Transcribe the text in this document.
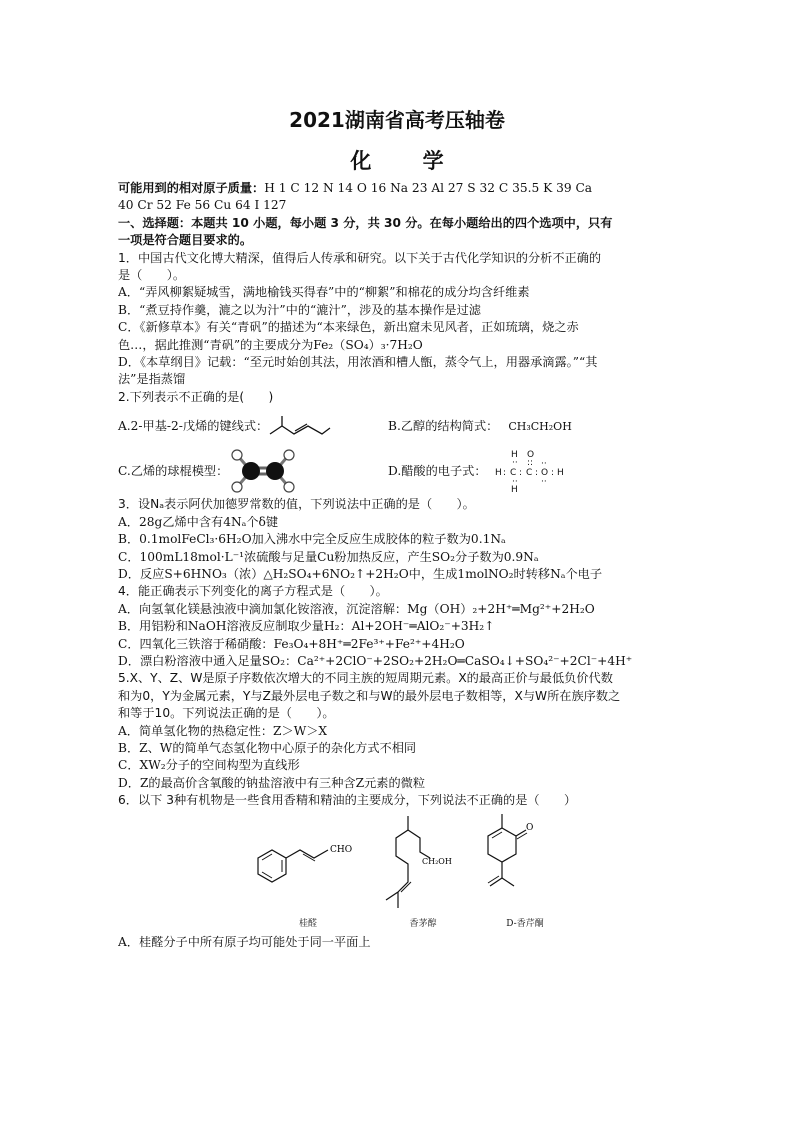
2021湖南省高考压轴卷
化 学
可能用到的相对原子质量：H 1 C 12 N 14 O 16 Na 23 Al 27 S 32 C 35.5 K 39 Ca
40 Cr 52 Fe 56 Cu 64 I 127
一、选择题：本题共 10 小题，每小题 3 分，共 30 分。在每小题给出的四个选项中，只有
一项是符合题目要求的。
1．中国古代文化博大精深，值得后人传承和研究。以下关于古代化学知识的分析不正确的
是（　　）。
A．“弄风柳絮疑城雪，满地榆钱买得春”中的“柳絮”和棉花的成分均含纤维素
B．“煮豆持作羹，漉之以为汁”中的“漉汁”，涉及的基本操作是过滤
C．《新修草本》有关“青矾”的描述为“本来绿色，新出窟未见风者，正如琉璃，烧之赤
色…，据此推测“青矾”的主要成分为Fe₂（SO₄）₃·7H₂O
D．《本草纲目》记载：“至元时始创其法，用浓酒和槽人甑，蒸令气上，用器承滴露。”“其
法”是指蒸馏
2.下列表示不正确的是(　　)
A.2-甲基-2-戊烯的键线式：	B.乙醇的结构简式： CH₃CH₂OH
C.乙烯的球棍模型：	D.醋酸的电子式：
H
H : C : C : O : H
H
O
··
··
:: ··
··
3．设Nₐ表示阿伏加德罗常数的值，下列说法中正确的是（　　）。
A．28g乙烯中含有4Nₐ个δ键
B．0.1molFeCl₃·6H₂O加入沸水中完全反应生成胶体的粒子数为0.1Nₐ
C．100mL18mol·L⁻¹浓硫酸与足量Cu粉加热反应，产生SO₂分子数为0.9Nₐ
D．反应S+6HNO₃（浓）△H₂SO₄+6NO₂↑+2H₂O中，生成1molNO₂时转移Nₐ个电子
4．能正确表示下列变化的离子方程式是（　　）。
A．向氢氧化镁悬浊液中滴加氯化铵溶液，沉淀溶解：Mg（OH）₂+2H⁺═Mg²⁺+2H₂O
B．用铝粉和NaOH溶液反应制取少量H₂：Al+2OH⁻═AlO₂⁻+3H₂↑
C．四氧化三铁溶于稀硝酸：Fe₃O₄+8H⁺═2Fe³⁺+Fe²⁺+4H₂O
D．漂白粉溶液中通入足量SO₂：Ca²⁺+2ClO⁻+2SO₂+2H₂O═CaSO₄↓+SO₄²⁻+2Cl⁻+4H⁺
5.X、Y、Z、W是原子序数依次增大的不同主族的短周期元素。X的最高正价与最低负价代数
和为0，Y为金属元素，Y与Z最外层电子数之和与W的最外层电子数相等，X与W所在族序数之
和等于10。下列说法正确的是（　　）。
A．简单氢化物的热稳定性：Z＞W＞X
B．Z、W的简单气态氢化物中心原子的杂化方式不相同
C．XW₂分子的空间构型为直线形
D．Z的最高价含氧酸的钠盐溶液中有三种含Z元素的微粒
6．以下 3种有机物是一些食用香精和精油的主要成分，下列说法不正确的是（　　）
CHO
桂醛
CH₂OH
香茅醇
O
D-香芹酮
A．桂醛分子中所有原子均可能处于同一平面上
